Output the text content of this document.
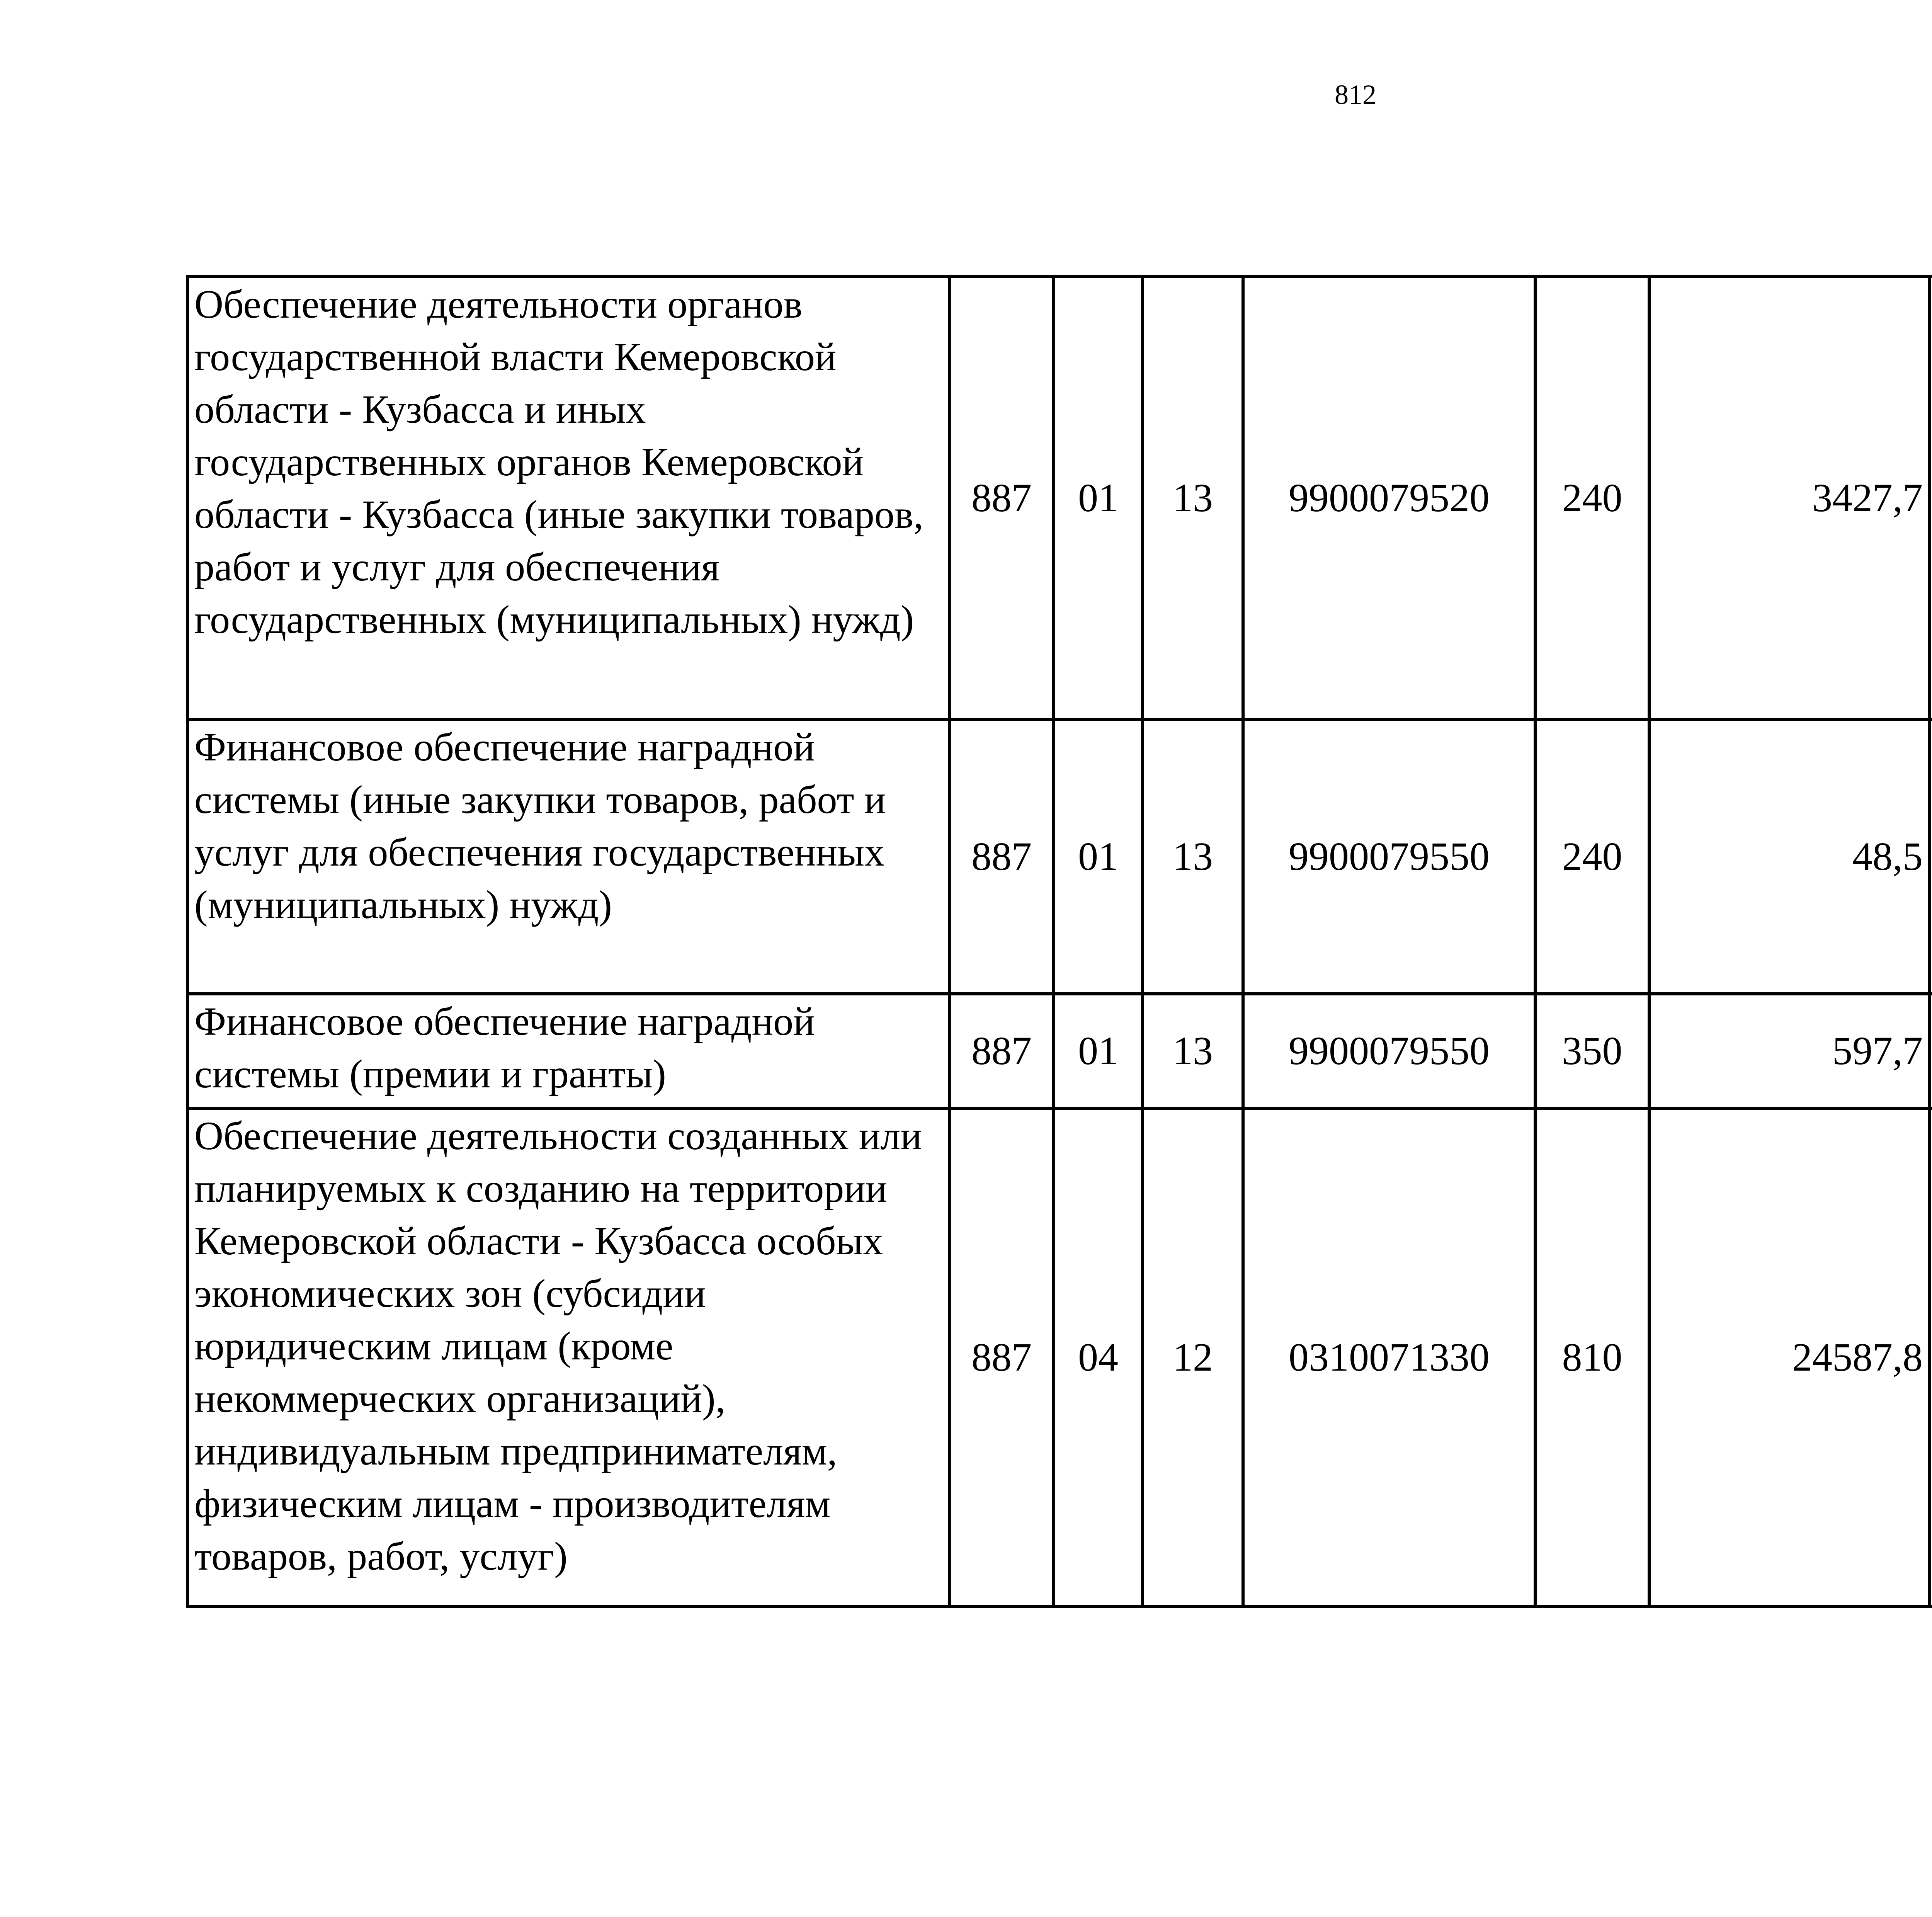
812
Обеспечение деятельности органов государственной власти Кемеровской области - Кузбасса и иных государственных органов Кемеровской области - Кузбасса (иные закупки товаров, работ и услуг для обеспечения государственных (муниципальных) нужд)	887	01	13	9900079520	240	3427,7		
Финансовое обеспечение наградной системы (иные закупки товаров, работ и услуг для обеспечения государственных (муниципальных) нужд)	887	01	13	9900079550	240	48,5		
Финансовое обеспечение наградной системы (премии и гранты)	887	01	13	9900079550	350	597,7		
Обеспечение деятельности созданных или планируемых к созданию на территории Кемеровской области - Кузбасса особых экономических зон (субсидии юридическим лицам (кроме некоммерческих организаций), индивидуальным предпринимателям, физическим лицам - производителям товаров, работ, услуг)	887	04	12	0310071330	810	24587,8		
